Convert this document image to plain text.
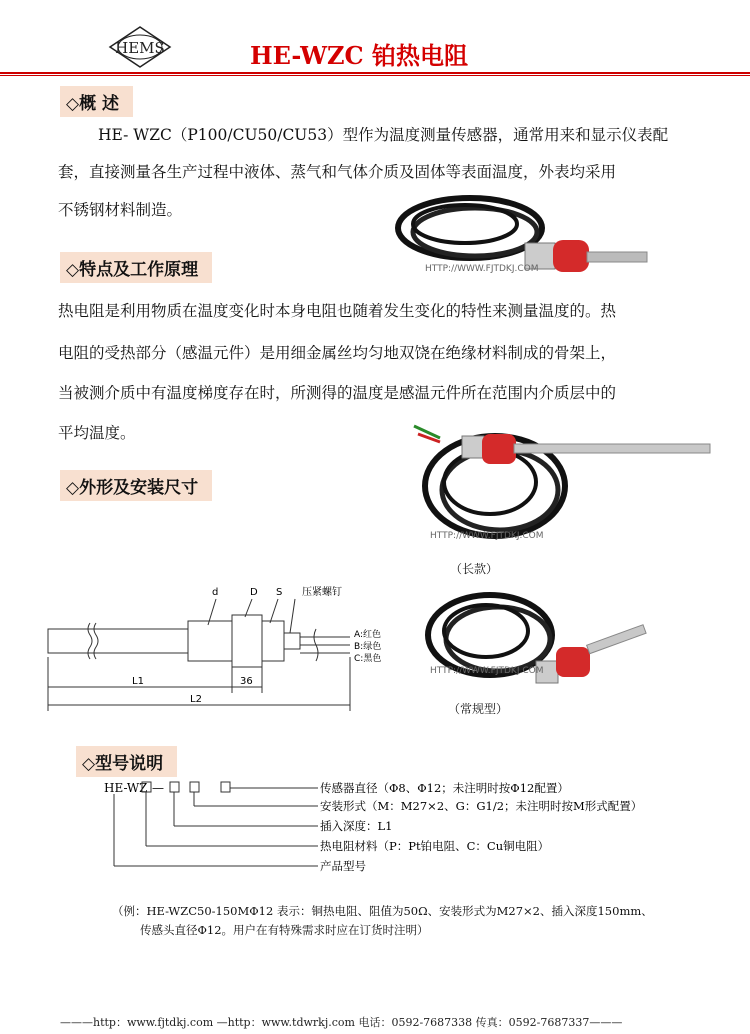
HEMS	HE-WZC 铂热电阻
◇概 述
HE- WZC（P100/CU50/CU53）型作为温度测量传感器，通常用来和显示仪表配
套，直接测量各生产过程中液体、蒸气和气体介质及固体等表面温度，外表均采用
不锈钢材料制造。
HTTP://WWW.FJTDKJ.COM
◇特点及工作原理
热电阻是利用物质在温度变化时本身电阻也随着发生变化的特性来测量温度的。热
电阻的受热部分（感温元件）是用细金属丝均匀地双饶在绝缘材料制成的骨架上，
当被测介质中有温度梯度存在时，所测得的温度是感温元件所在范围内介质层中的
平均温度。
HTTP://WWW.FJTDKJ.COM
◇外形及安装尺寸
（长款）
d	D S 压紧螺钉
A:红色
B:绿色
C:黑色
L1	36
L2
HTTP://WWW.FJTDKJ.COM
（常规型）
◇型号说明
HE-WZ —	传感器直径（Φ8、Φ12；未注明时按Φ12配置）
安装形式（M：M27×2、G：G1/2；未注明时按M形式配置）
插入深度：L1
热电阻材料（P：Pt铂电阻、C：Cu铜电阻）
产品型号
（例：HE-WZC50-150MΦ12 表示：铜热电阻、阻值为50Ω、安装形式为M27×2、插入深度150mm、
传感头直径Φ12。用户在有特殊需求时应在订货时注明）
———http：www.fjtdkj.com —http：www.tdwrkj.com 电话：0592-7687338 传真：0592-7687337———
